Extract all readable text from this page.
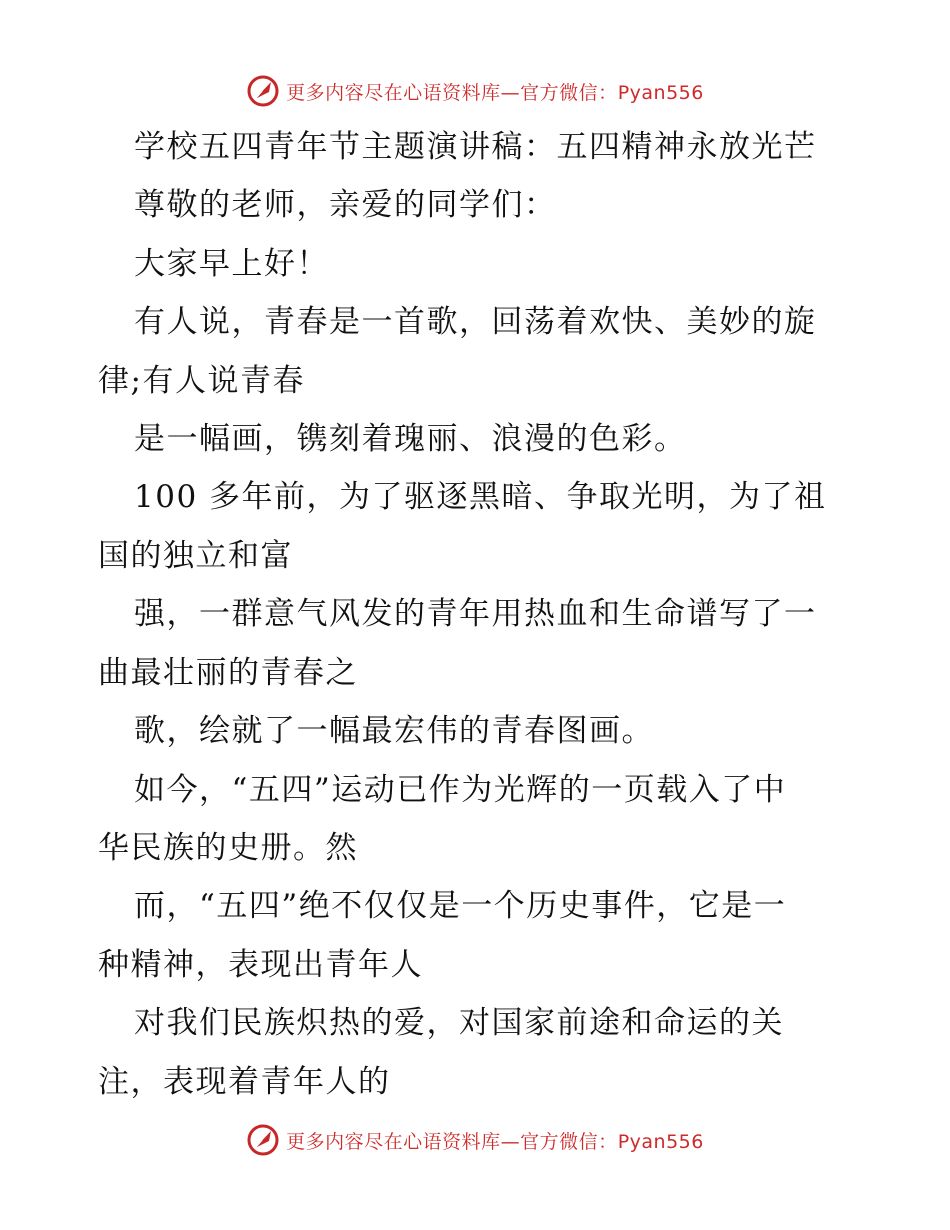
更多内容尽在心语资料库—官方微信：Pyan556
学校五四青年节主题演讲稿：五四精神永放光芒
尊敬的老师，亲爱的同学们：
大家早上好！
有人说，青春是一首歌，回荡着欢快、美妙的旋
律;有人说青春
是一幅画，镌刻着瑰丽、浪漫的色彩。
100 多年前，为了驱逐黑暗、争取光明，为了祖
国的独立和富
强，一群意气风发的青年用热血和生命谱写了一
曲最壮丽的青春之
歌，绘就了一幅最宏伟的青春图画。
如今，“五四”运动已作为光辉的一页载入了中
华民族的史册。然
而，“五四”绝不仅仅是一个历史事件，它是一
种精神，表现出青年人
对我们民族炽热的爱，对国家前途和命运的关
注，表现着青年人的
更多内容尽在心语资料库—官方微信：Pyan556
